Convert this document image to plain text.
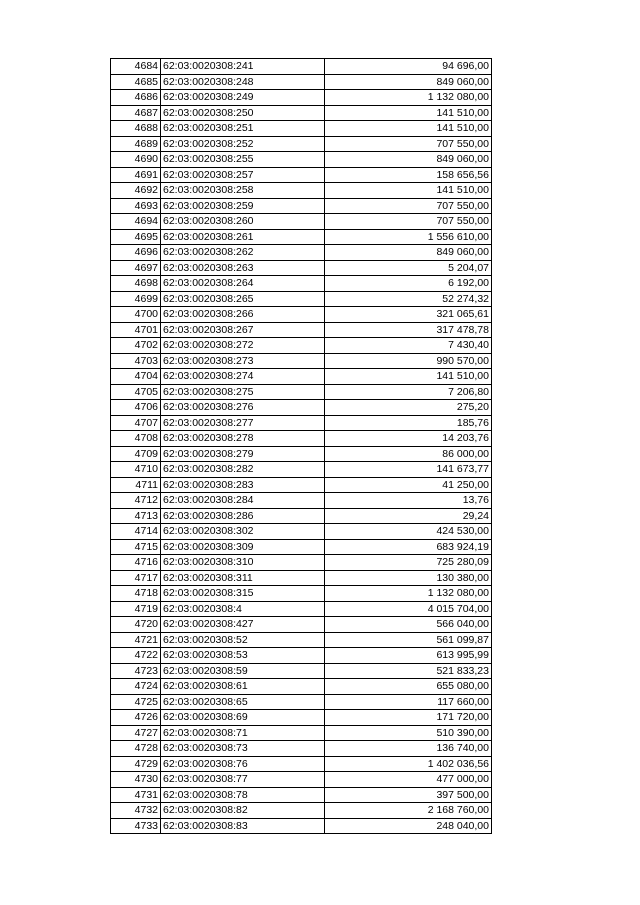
4684	62:03:0020308:241	94 696,00
4685	62:03:0020308:248	849 060,00
4686	62:03:0020308:249	1 132 080,00
4687	62:03:0020308:250	141 510,00
4688	62:03:0020308:251	141 510,00
4689	62:03:0020308:252	707 550,00
4690	62:03:0020308:255	849 060,00
4691	62:03:0020308:257	158 656,56
4692	62:03:0020308:258	141 510,00
4693	62:03:0020308:259	707 550,00
4694	62:03:0020308:260	707 550,00
4695	62:03:0020308:261	1 556 610,00
4696	62:03:0020308:262	849 060,00
4697	62:03:0020308:263	5 204,07
4698	62:03:0020308:264	6 192,00
4699	62:03:0020308:265	52 274,32
4700	62:03:0020308:266	321 065,61
4701	62:03:0020308:267	317 478,78
4702	62:03:0020308:272	7 430,40
4703	62:03:0020308:273	990 570,00
4704	62:03:0020308:274	141 510,00
4705	62:03:0020308:275	7 206,80
4706	62:03:0020308:276	275,20
4707	62:03:0020308:277	185,76
4708	62:03:0020308:278	14 203,76
4709	62:03:0020308:279	86 000,00
4710	62:03:0020308:282	141 673,77
4711	62:03:0020308:283	41 250,00
4712	62:03:0020308:284	13,76
4713	62:03:0020308:286	29,24
4714	62:03:0020308:302	424 530,00
4715	62:03:0020308:309	683 924,19
4716	62:03:0020308:310	725 280,09
4717	62:03:0020308:311	130 380,00
4718	62:03:0020308:315	1 132 080,00
4719	62:03:0020308:4	4 015 704,00
4720	62:03:0020308:427	566 040,00
4721	62:03:0020308:52	561 099,87
4722	62:03:0020308:53	613 995,99
4723	62:03:0020308:59	521 833,23
4724	62:03:0020308:61	655 080,00
4725	62:03:0020308:65	117 660,00
4726	62:03:0020308:69	171 720,00
4727	62:03:0020308:71	510 390,00
4728	62:03:0020308:73	136 740,00
4729	62:03:0020308:76	1 402 036,56
4730	62:03:0020308:77	477 000,00
4731	62:03:0020308:78	397 500,00
4732	62:03:0020308:82	2 168 760,00
4733	62:03:0020308:83	248 040,00
